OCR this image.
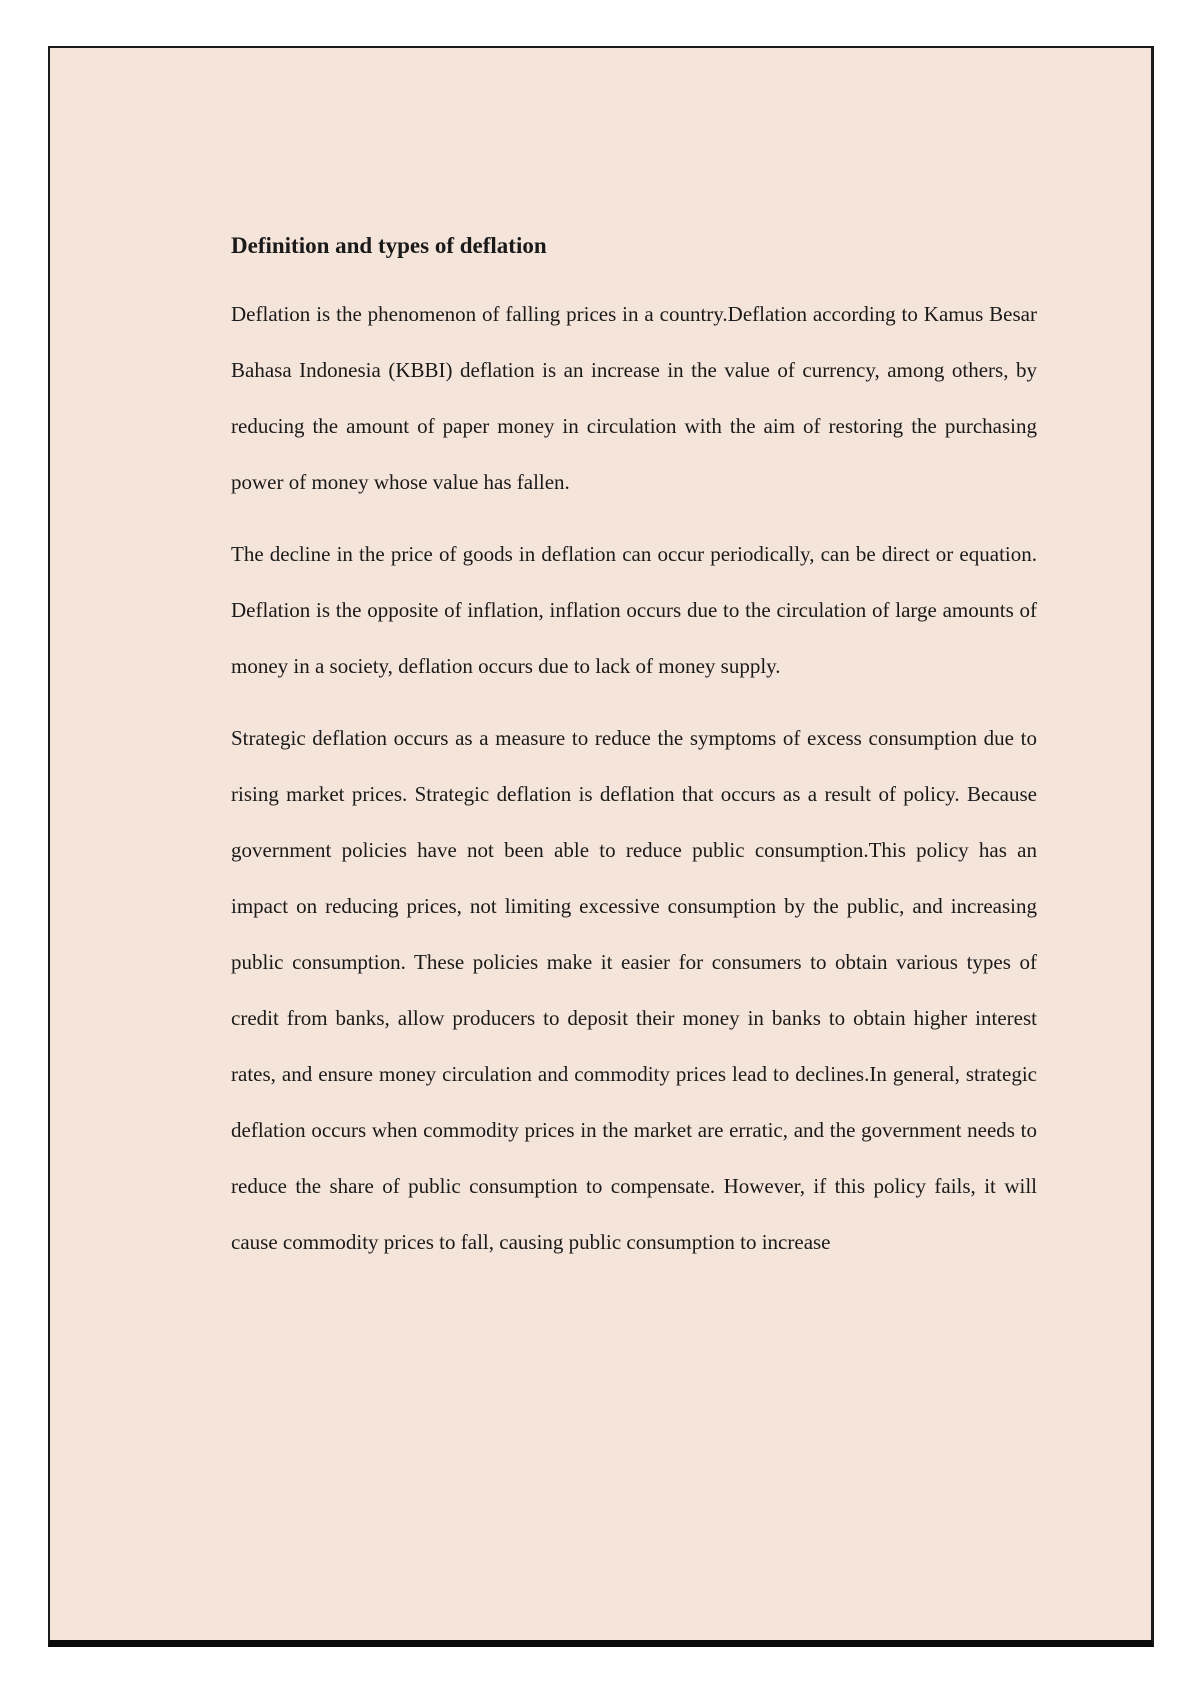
Definition and types of deflation

Deflation is the phenomenon of falling prices in a country.Deflation according to Kamus Besar Bahasa Indonesia (KBBI) deflation is an increase in the value of currency, among others, by reducing the amount of paper money in circulation with the aim of restoring the purchasing power of money whose value has fallen.

The decline in the price of goods in deflation can occur periodically, can be direct or equation. Deflation is the opposite of inflation, inflation occurs due to the circulation of large amounts of money in a society, deflation occurs due to lack of money supply.

Strategic deflation occurs as a measure to reduce the symptoms of excess consumption due to rising market prices. Strategic deflation is deflation that occurs as a result of policy. Because government policies have not been able to reduce public consumption.This policy has an impact on reducing prices, not limiting excessive consumption by the public, and increasing public consumption. These policies make it easier for consumers to obtain various types of credit from banks, allow producers to deposit their money in banks to obtain higher interest rates, and ensure money circulation and commodity prices lead to declines.In general, strategic deflation occurs when commodity prices in the market are erratic, and the government needs to reduce the share of public consumption to compensate. However, if this policy fails, it will cause commodity prices to fall, causing public consumption to increase
